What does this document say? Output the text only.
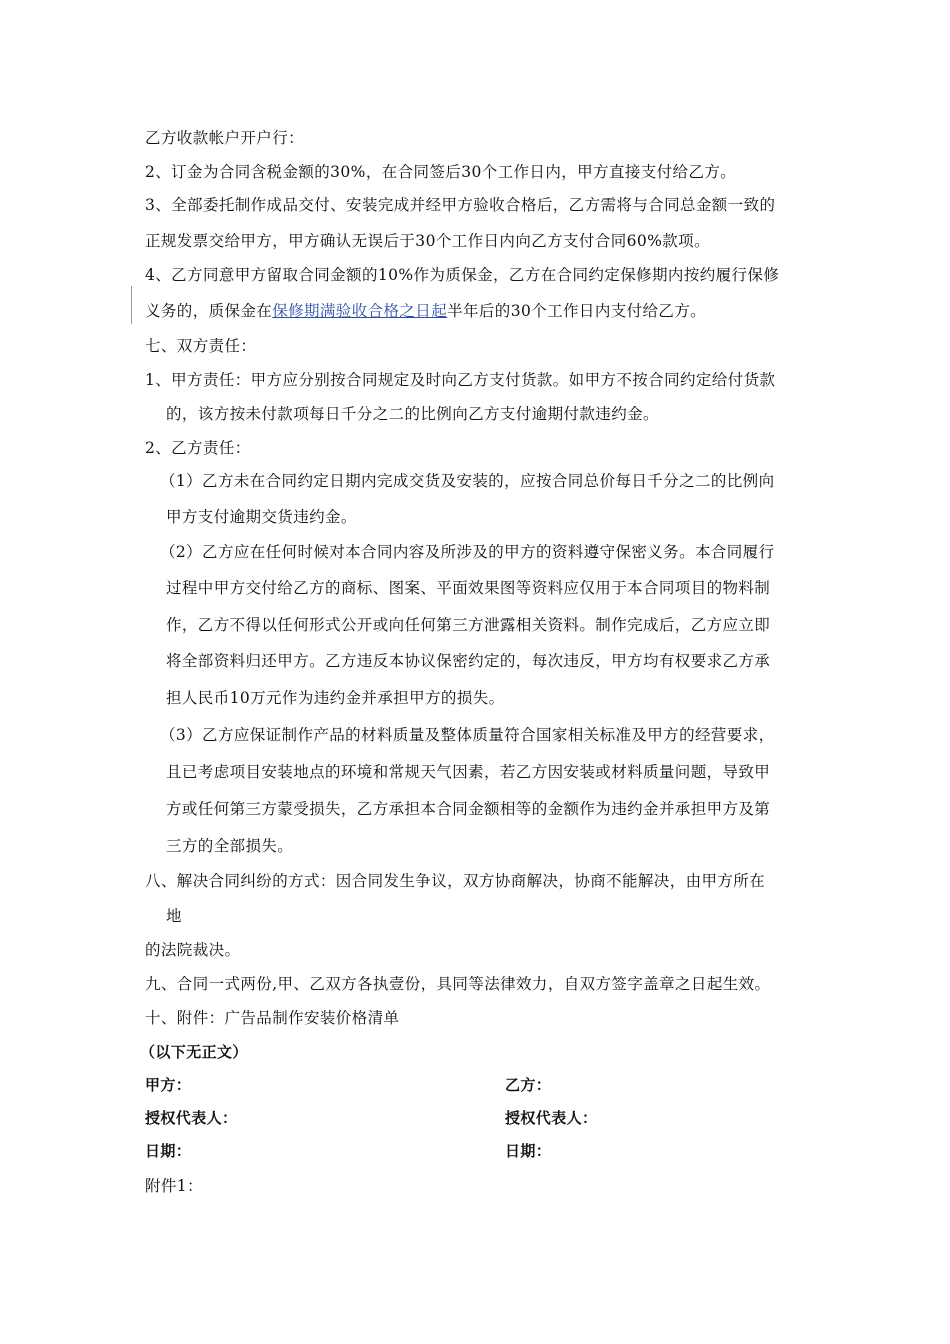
乙方收款帐户开户行：
2、订金为合同含税金额的30%，在合同签后30个工作日内，甲方直接支付给乙方。
3、全部委托制作成品交付、安装完成并经甲方验收合格后，乙方需将与合同总金额一致的
正规发票交给甲方，甲方确认无误后于30个工作日内向乙方支付合同60%款项。
4、乙方同意甲方留取合同金额的10%作为质保金，乙方在合同约定保修期内按约履行保修
义务的，质保金在保修期满验收合格之日起半年后的30个工作日内支付给乙方。
七、双方责任：
1、甲方责任：甲方应分别按合同规定及时向乙方支付货款。如甲方不按合同约定给付货款
的，该方按未付款项每日千分之二的比例向乙方支付逾期付款违约金。
2、乙方责任：
（1）乙方未在合同约定日期内完成交货及安装的，应按合同总价每日千分之二的比例向
甲方支付逾期交货违约金。
（2）乙方应在任何时候对本合同内容及所涉及的甲方的资料遵守保密义务。本合同履行
过程中甲方交付给乙方的商标、图案、平面效果图等资料应仅用于本合同项目的物料制
作，乙方不得以任何形式公开或向任何第三方泄露相关资料。制作完成后，乙方应立即
将全部资料归还甲方。乙方违反本协议保密约定的，每次违反，甲方均有权要求乙方承
担人民币10万元作为违约金并承担甲方的损失。
（3）乙方应保证制作产品的材料质量及整体质量符合国家相关标准及甲方的经营要求，
且已考虑项目安装地点的环境和常规天气因素，若乙方因安装或材料质量问题，导致甲
方或任何第三方蒙受损失，乙方承担本合同金额相等的金额作为违约金并承担甲方及第
三方的全部损失。
八、解决合同纠纷的方式：因合同发生争议，双方协商解决，协商不能解决，由甲方所在
地
的法院裁决。
九、合同一式两份,甲、乙双方各执壹份，具同等法律效力，自双方签字盖章之日起生效。
十、附件：广告品制作安装价格清单
（以下无正文）
甲方：	乙方：
授权代表人：	授权代表人：
日期：	日期：
附件1：
